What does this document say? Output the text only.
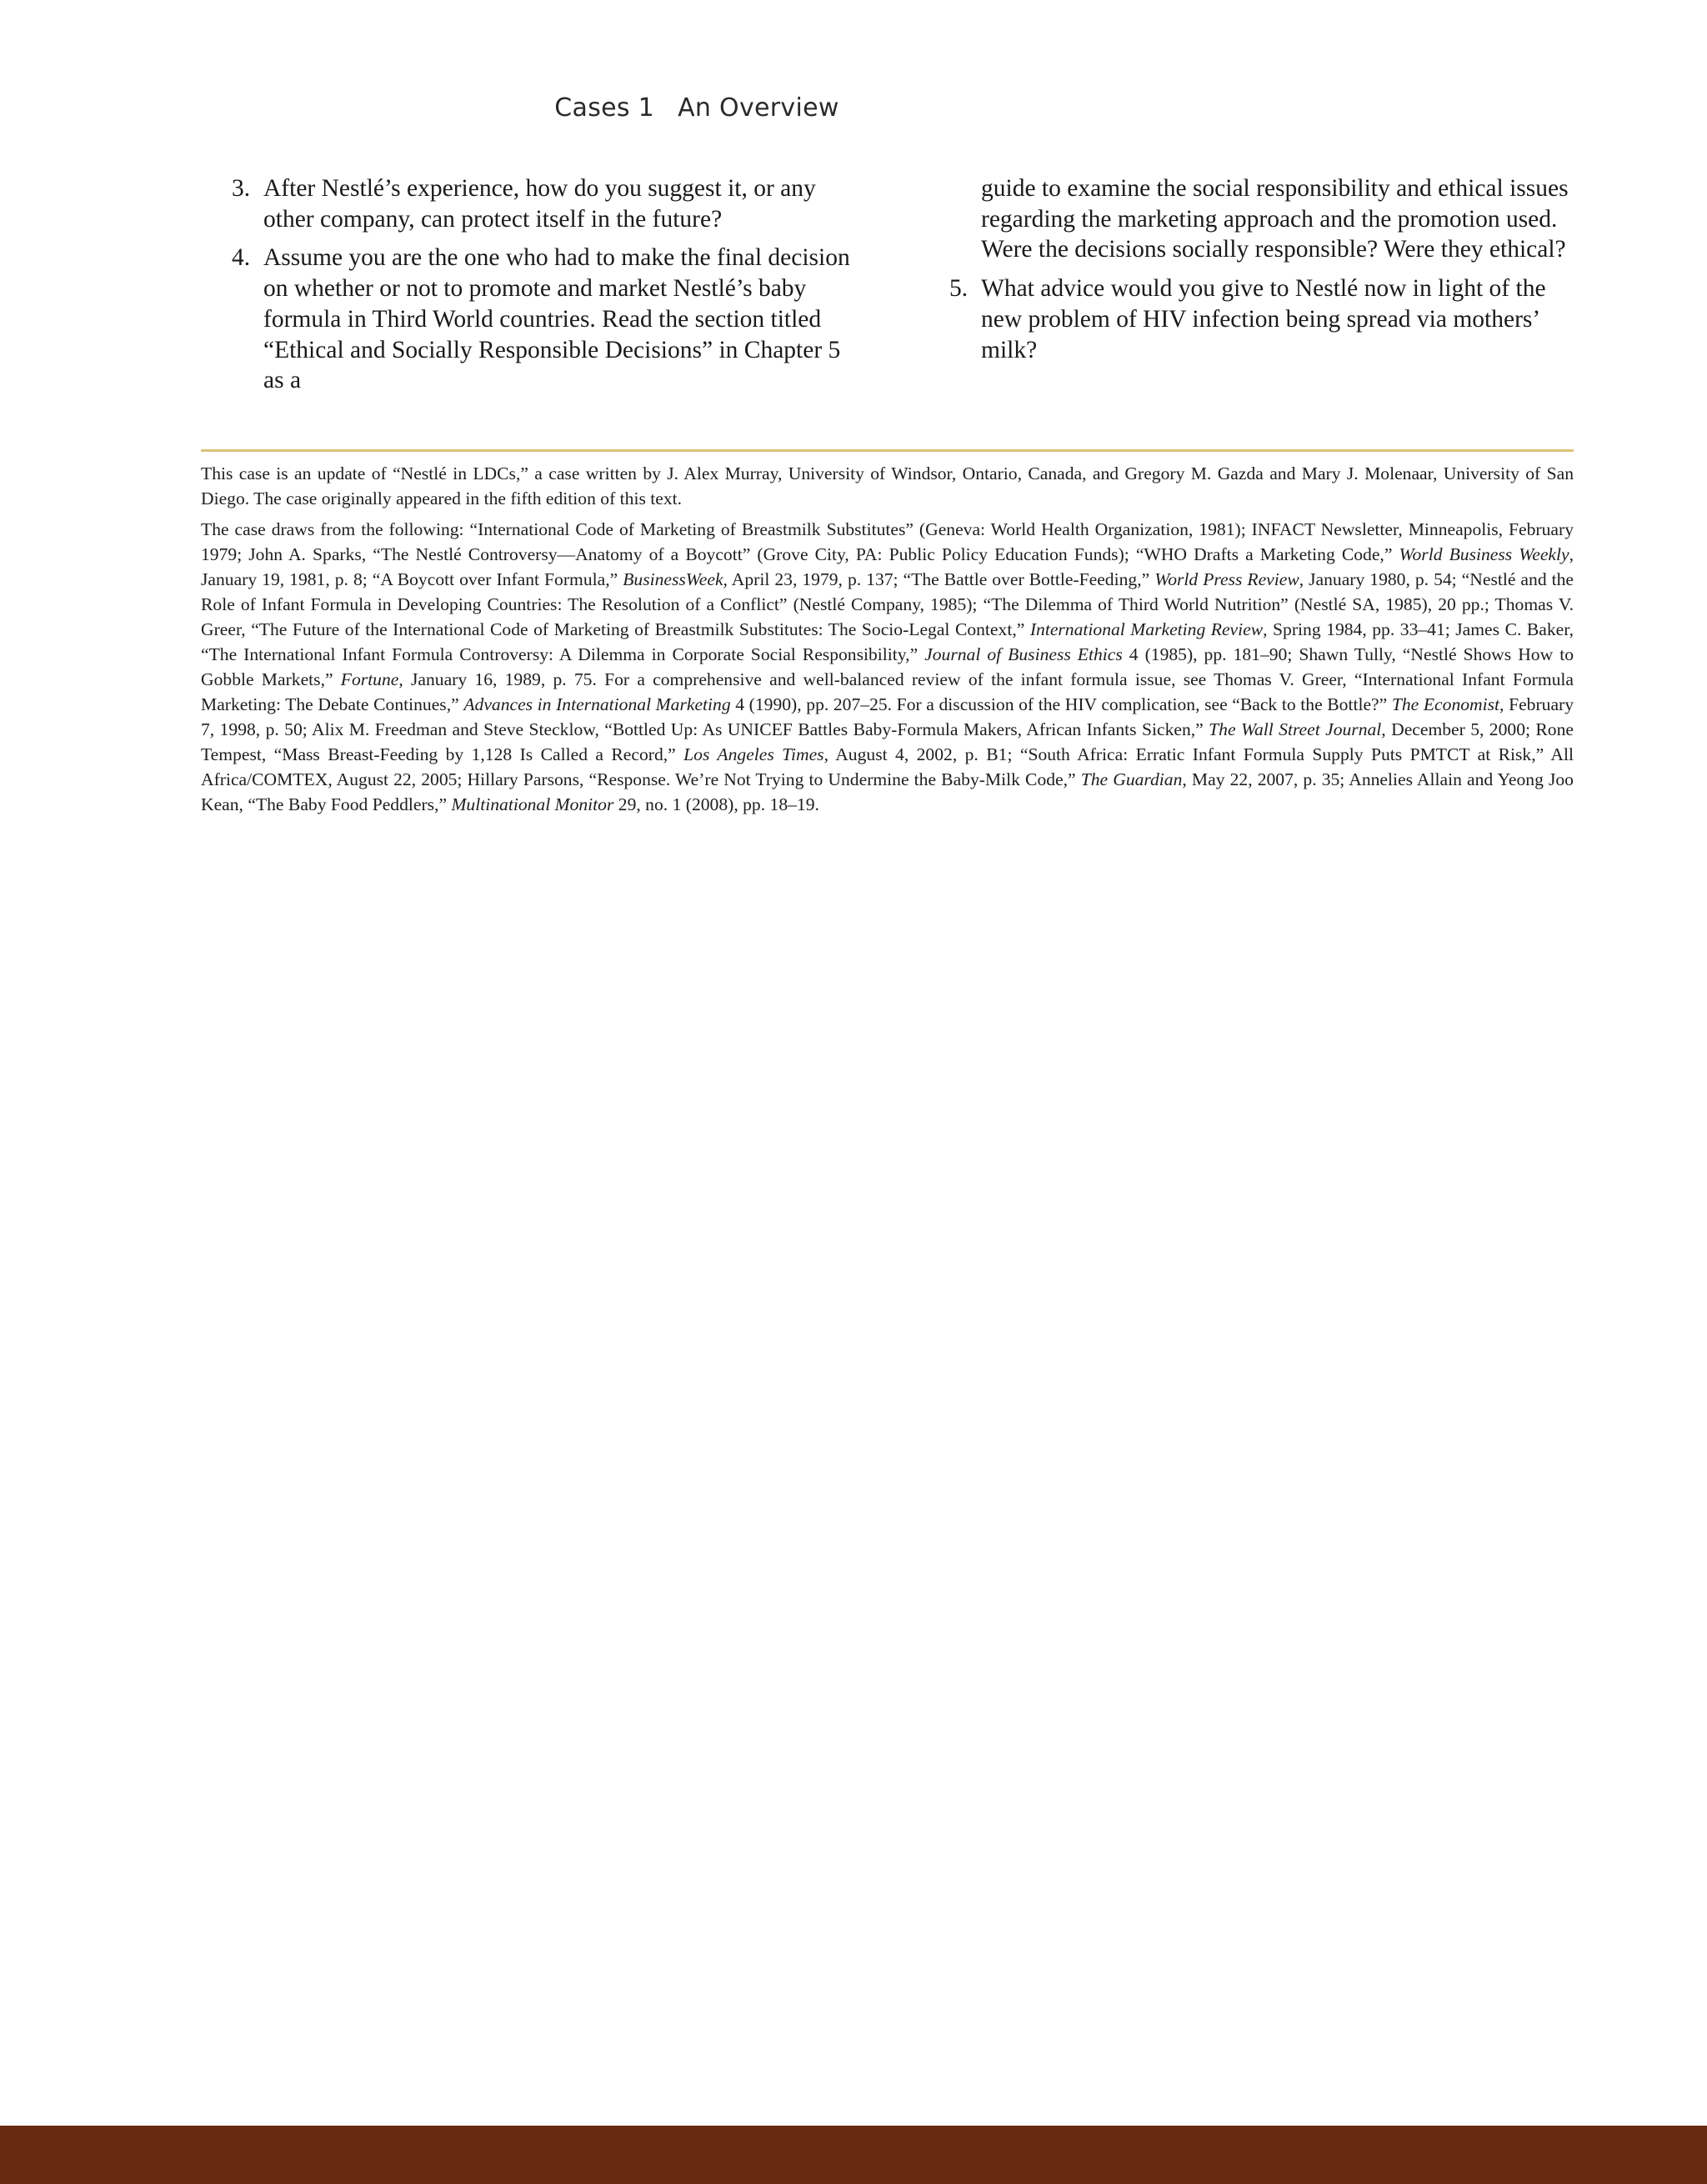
Cases 1 An Overview
3. After Nestlé’s experience, how do you suggest it, or any other company, can protect itself in the future?
4. Assume you are the one who had to make the final decision on whether or not to promote and market Nestlé’s baby formula in Third World countries. Read the section titled “Ethical and Socially Responsible Decisions” in Chapter 5 as a
guide to examine the social responsibility and ethical issues regarding the marketing approach and the promotion used. Were the decisions socially responsible? Were they ethical?
5. What advice would you give to Nestlé now in light of the new problem of HIV infection being spread via mothers’ milk?

This case is an update of “Nestlé in LDCs,” a case written by J. Alex Murray, University of Windsor, Ontario, Canada, and Gregory M. Gazda and Mary J. Molenaar, University of San Diego. The case originally appeared in the fifth edition of this text.

The case draws from the following: “International Code of Marketing of Breastmilk Substitutes” (Geneva: World Health Organization, 1981); INFACT Newsletter, Minneapolis, February 1979; John A. Sparks, “The Nestlé Controversy—Anatomy of a Boycott” (Grove City, PA: Public Policy Education Funds); “WHO Drafts a Marketing Code,” World Business Weekly, January 19, 1981, p. 8; “A Boycott over Infant Formula,” BusinessWeek, April 23, 1979, p. 137; “The Battle over Bottle-Feeding,” World Press Review, January 1980, p. 54; “Nestlé and the Role of Infant Formula in Developing Countries: The Resolution of a Conflict” (Nestlé Company, 1985); “The Dilemma of Third World Nutrition” (Nestlé SA, 1985), 20 pp.; Thomas V. Greer, “The Future of the International Code of Marketing of Breastmilk Substitutes: The Socio-Legal Context,” International Marketing Review, Spring 1984, pp. 33–41; James C. Baker, “The International Infant Formula Controversy: A Dilemma in Corporate Social Responsibility,” Journal of Business Ethics 4 (1985), pp. 181–90; Shawn Tully, “Nestlé Shows How to Gobble Markets,” Fortune, January 16, 1989, p. 75. For a comprehensive and well-balanced review of the infant formula issue, see Thomas V. Greer, “International Infant Formula Marketing: The Debate Continues,” Advances in International Marketing 4 (1990), pp. 207–25. For a discussion of the HIV complication, see “Back to the Bottle?” The Economist, February 7, 1998, p. 50; Alix M. Freedman and Steve Stecklow, “Bottled Up: As UNICEF Battles Baby-Formula Makers, African Infants Sicken,” The Wall Street Journal, December 5, 2000; Rone Tempest, “Mass Breast-Feeding by 1,128 Is Called a Record,” Los Angeles Times, August 4, 2002, p. B1; “South Africa: Erratic Infant Formula Supply Puts PMTCT at Risk,” All Africa/COMTEX, August 22, 2005; Hillary Parsons, “Response. We’re Not Trying to Undermine the Baby-Milk Code,” The Guardian, May 22, 2007, p. 35; Annelies Allain and Yeong Joo Kean, “The Baby Food Peddlers,” Multinational Monitor 29, no. 1 (2008), pp. 18–19.
